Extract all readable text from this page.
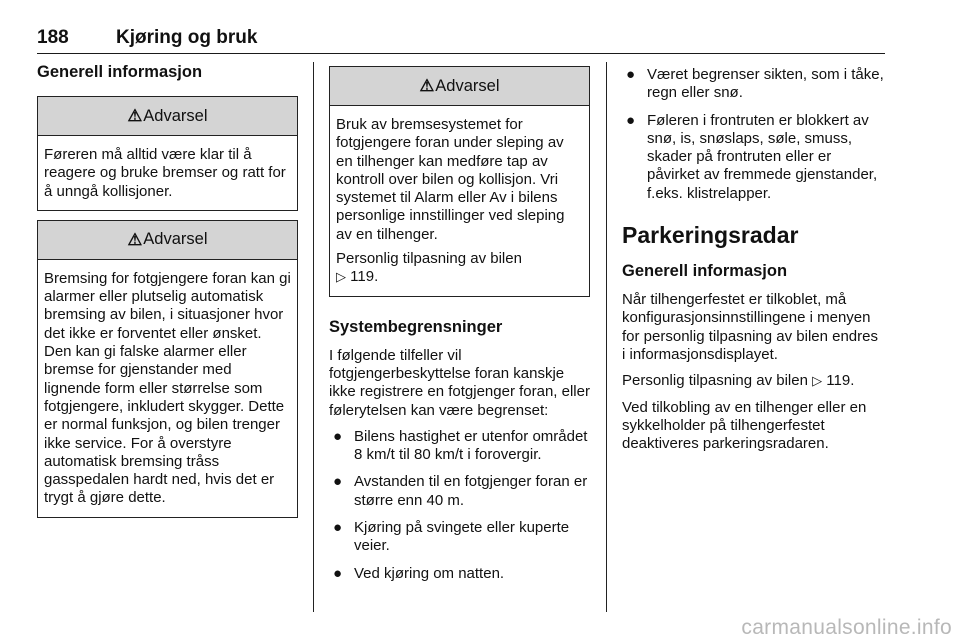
188 Kjøring og bruk
Generell informasjon
⚠ Advarsel

Føreren må alltid være klar til å reagere og bruke bremser og ratt for å unngå kollisjoner.

⚠ Advarsel

Bremsing for fotgjengere foran kan gi alarmer eller plutselig automatisk bremsing av bilen, i situasjoner hvor det ikke er forventet eller ønsket. Den kan gi falske alarmer eller bremse for gjenstander med lignende form eller størrelse som fotgjengere, inkludert skygger. Dette er normal funksjon, og bilen trenger ikke service. For å overstyre automatisk bremsing tråss gasspedalen hardt ned, hvis det er trygt å gjøre dette.

⚠ Advarsel

Bruk av bremsesystemet for fotgjengere foran under sleping av en tilhenger kan medføre tap av kontroll over bilen og kollisjon. Vri systemet til Alarm eller Av i bilens personlige innstillinger ved sleping av en tilhenger.

Personlig tilpasning av bilen
▷ 119.

Systembegrensninger

I følgende tilfeller vil fotgjengerbeskyttelse foran kanskje ikke registrere en fotgjenger foran, eller følerytelsen kan være begrenset:

● Bilens hastighet er utenfor området 8 km/t til 80 km/t i forovergir.
● Avstanden til en fotgjenger foran er større enn 40 m.
● Kjøring på svingete eller kuperte veier.
● Ved kjøring om natten.
● Været begrenser sikten, som i tåke, regn eller snø.
● Føleren i frontruten er blokkert av snø, is, snøslaps, søle, smuss, skader på frontruten eller er påvirket av fremmede gjenstander, f.eks. klistrelapper.
Parkeringsradar
Generell informasjon

Når tilhengerfestet er tilkoblet, må konfigurasjonsinnstillingene i menyen for personlig tilpasning av bilen endres i informasjonsdisplayet.

Personlig tilpasning av bilen ▷ 119.

Ved tilkobling av en tilhenger eller en sykkelholder på tilhengerfestet deaktiveres parkeringsradaren.

carmanualsonline.info
